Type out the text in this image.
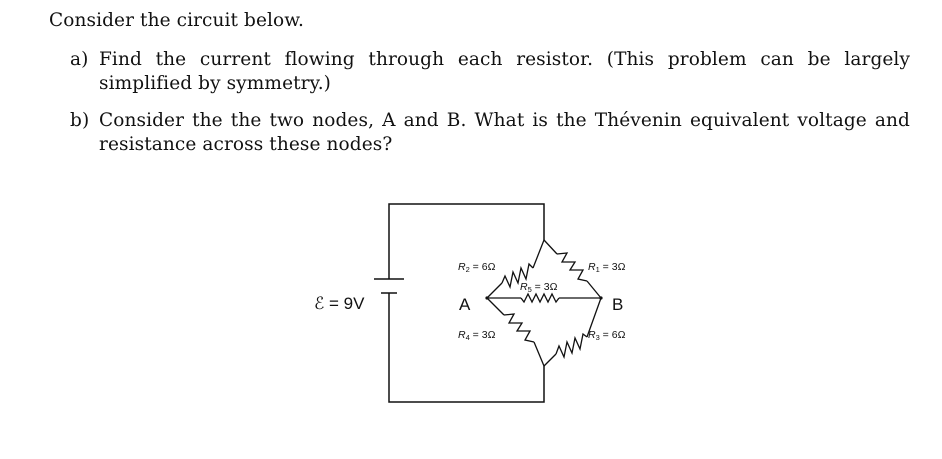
Consider the circuit below.
a) Find the current flowing through each resistor. (This problem can be largely simplified by symmetry.)
b) Consider the the two nodes, A and B. What is the Thévenin equivalent voltage and resistance across these nodes?
ℰ = 9V	A	B
R2 = 6Ω	R1 = 3Ω
R5 = 3Ω
R4 = 3Ω	R3 = 6Ω
